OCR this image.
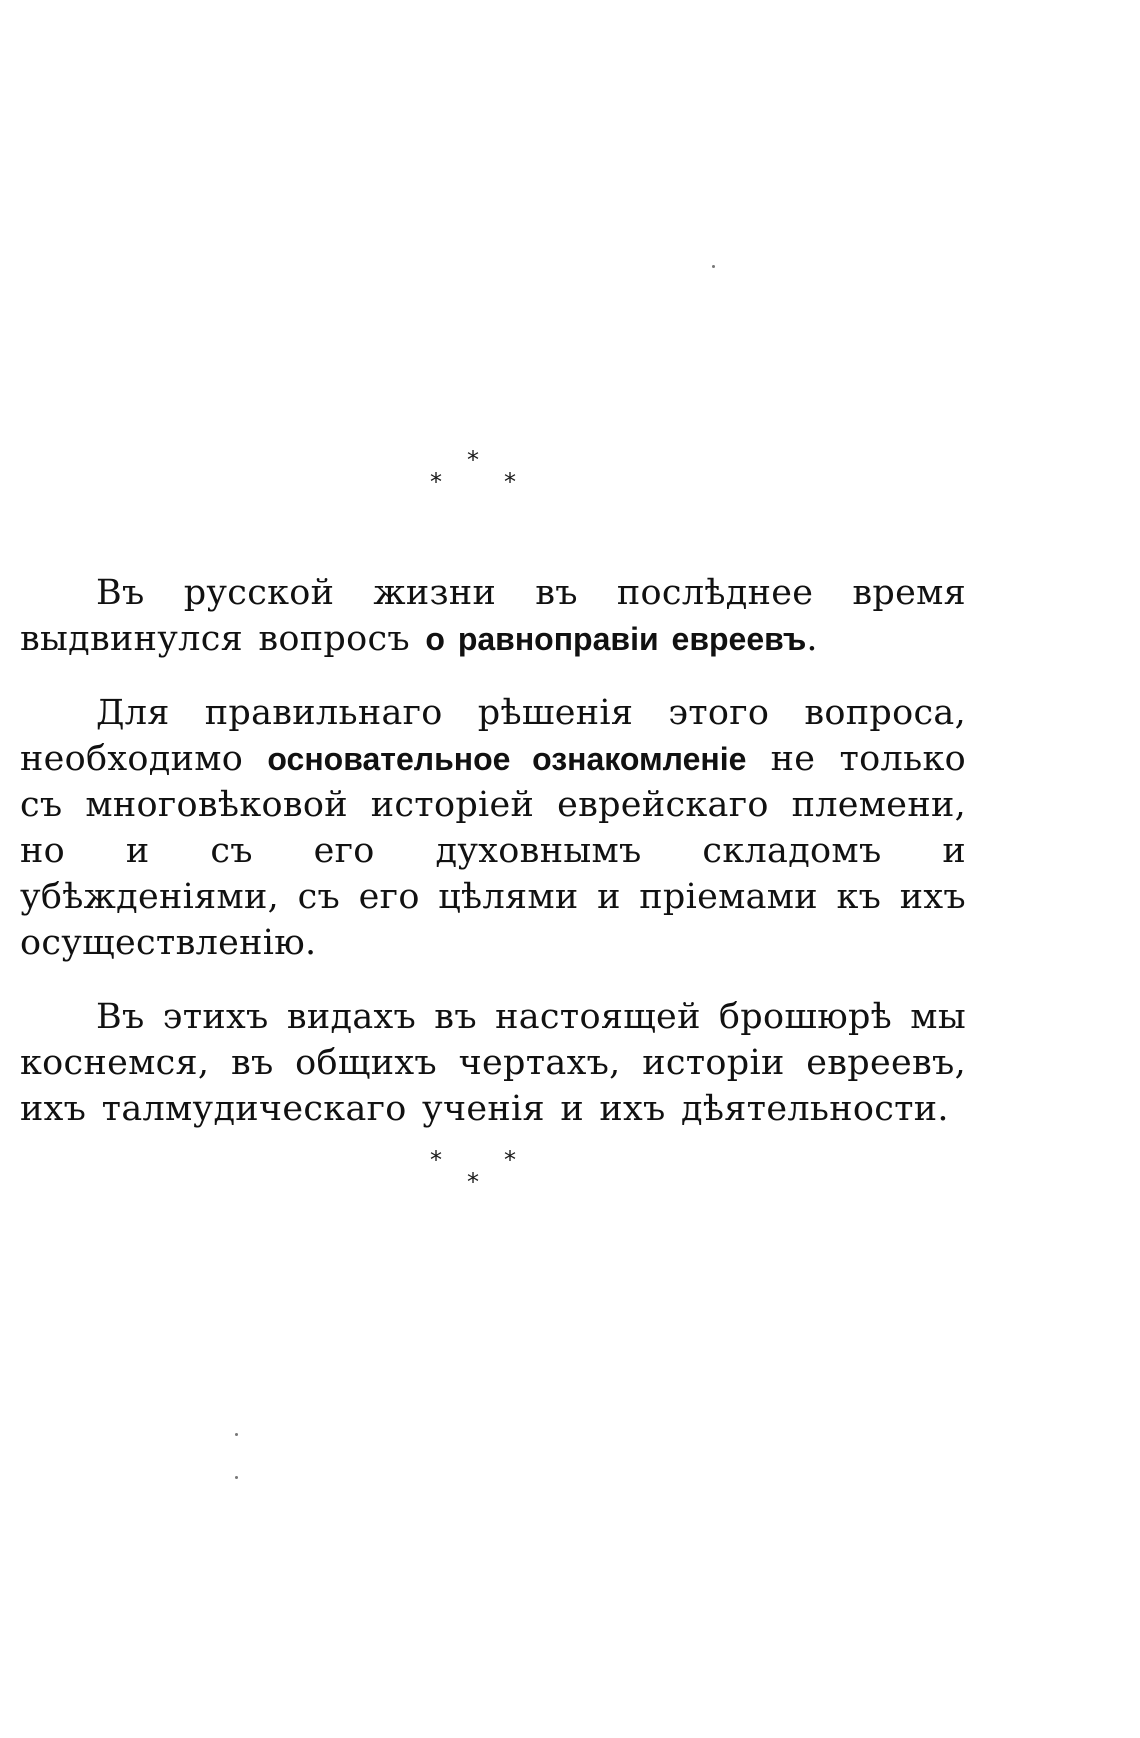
*
*	*

Въ русской жизни въ послѣднее время выдвинулся вопросъ о равноправіи евреевъ.

Для правильнаго рѣшенія этого вопроса, необходимо основательное ознакомленіе не только съ многовѣковой исторіей еврейскаго племени, но и съ его духовнымъ складомъ и убѣжденіями, съ его цѣлями и пріемами къ ихъ осуществленію.

Въ этихъ видахъ въ настоящей брошюрѣ мы коснемся, въ общихъ чертахъ, исторіи евреевъ, ихъ талмудическаго ученія и ихъ дѣятельности.

*	*
*
